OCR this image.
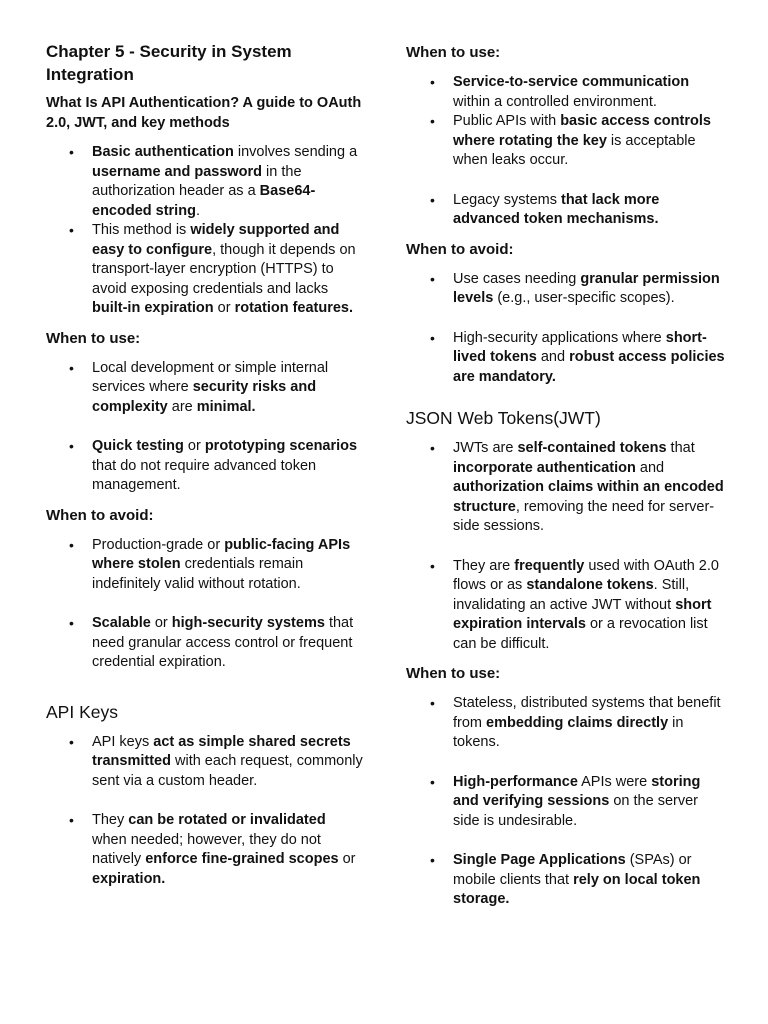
Chapter 5 - Security in System Integration
What Is API Authentication? A guide to OAuth 2.0, JWT, and key methods
• Basic authentication involves sending a username and password in the authorization header as a Base64-encoded string.
• This method is widely supported and easy to configure, though it depends on transport-layer encryption (HTTPS) to avoid exposing credentials and lacks built-in expiration or rotation features.
When to use:
• Local development or simple internal services where security risks and complexity are minimal.
• Quick testing or prototyping scenarios that do not require advanced token management.
When to avoid:
• Production-grade or public-facing APIs where stolen credentials remain indefinitely valid without rotation.
• Scalable or high-security systems that need granular access control or frequent credential expiration.
API Keys
• API keys act as simple shared secrets transmitted with each request, commonly sent via a custom header.
• They can be rotated or invalidated when needed; however, they do not natively enforce fine-grained scopes or expiration.
When to use:
• Service-to-service communication within a controlled environment.
• Public APIs with basic access controls where rotating the key is acceptable when leaks occur.
• Legacy systems that lack more advanced token mechanisms.
When to avoid:
• Use cases needing granular permission levels (e.g., user-specific scopes).
• High-security applications where short-lived tokens and robust access policies are mandatory.
JSON Web Tokens(JWT)
• JWTs are self-contained tokens that incorporate authentication and authorization claims within an encoded structure, removing the need for server-side sessions.
• They are frequently used with OAuth 2.0 flows or as standalone tokens. Still, invalidating an active JWT without short expiration intervals or a revocation list can be difficult.
When to use:
• Stateless, distributed systems that benefit from embedding claims directly in tokens.
• High-performance APIs were storing and verifying sessions on the server side is undesirable.
• Single Page Applications (SPAs) or mobile clients that rely on local token storage.
